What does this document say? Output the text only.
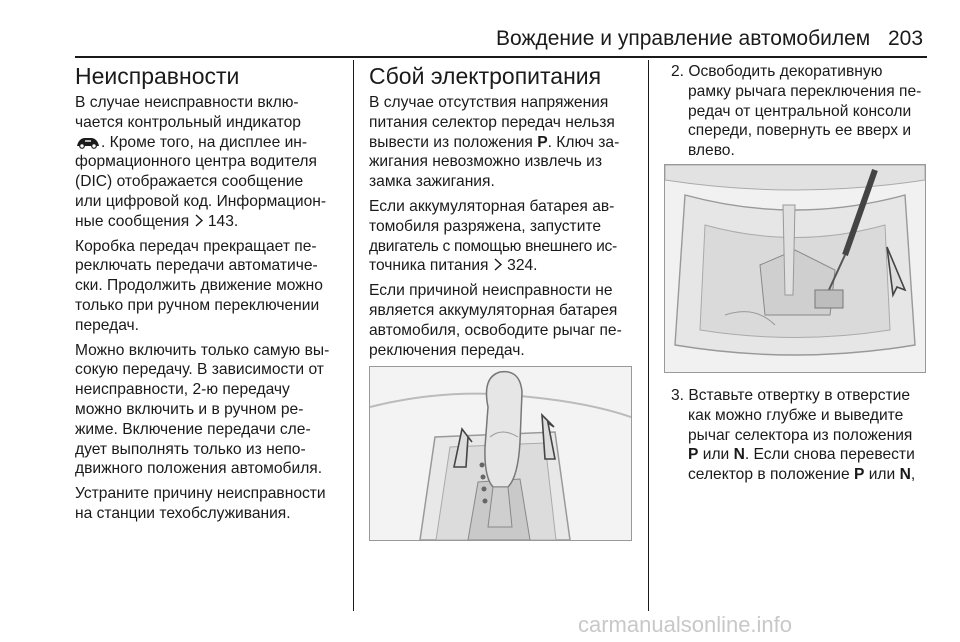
Вождение и управление автомобилем 203
Неисправности

В случае неисправности вклю-
чается контрольный индикатор
. Кроме того, на дисплее ин-
формационного центра водителя
(DIC) отображается сообщение
или цифровой код. Информацион-
ные сообщения  143.

Коробка передач прекращает пе-
реключать передачи автоматиче-
ски. Продолжить движение можно
только при ручном переключении
передач.

Можно включить только самую вы-
сокую передачу. В зависимости от
неисправности, 2-ю передачу
можно включить и в ручном ре-
жиме. Включение передачи сле-
дует выполнять только из непо-
движного положения автомобиля.

Устраните причину неисправности
на станции техобслуживания.

Сбой электропитания

В случае отсутствия напряжения
питания селектор передач нельзя
вывести из положения P. Ключ за-
жигания невозможно извлечь из
замка зажигания.

Если аккумуляторная батарея ав-
томобиля разряжена, запустите
двигатель с помощью внешнего ис-
точника питания  324.

Если причиной неисправности не
является аккумуляторная батарея
автомобиля, освободите рычаг пе-
реключения передач.

2. Освободить декоративную
рамку рычага переключения пе-
редач от центральной консоли
спереди, повернуть ее вверх и
влево.
3. Вставьте отвертку в отверстие
как можно глубже и выведите
рычаг селектора из положения
P или N. Если снова перевести
селектор в положение P или N,
carmanualsonline.info
